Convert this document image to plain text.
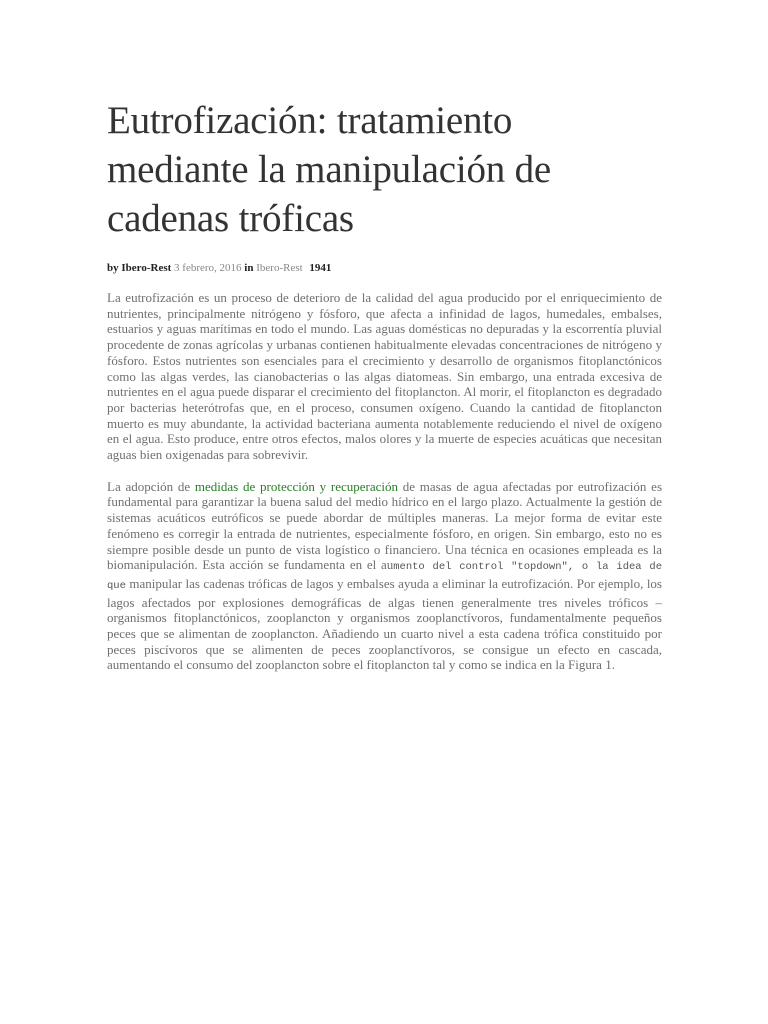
Eutrofización: tratamiento mediante la manipulación de cadenas tróficas
by Ibero-Rest 3 febrero, 2016 in Ibero-Rest 1941

La eutrofización es un proceso de deterioro de la calidad del agua producido por el enriquecimiento de nutrientes, principalmente nitrógeno y fósforo, que afecta a infinidad de lagos, humedales, embalses, estuarios y aguas marítimas en todo el mundo. Las aguas domésticas no depuradas y la escorrentía pluvial procedente de zonas agrícolas y urbanas contienen habitualmente elevadas concentraciones de nitrógeno y fósforo. Estos nutrientes son esenciales para el crecimiento y desarrollo de organismos fitoplanctónicos como las algas verdes, las cianobacterias o las algas diatomeas. Sin embargo, una entrada excesiva de nutrientes en el agua puede disparar el crecimiento del fitoplancton. Al morir, el fitoplancton es degradado por bacterias heterótrofas que, en el proceso, consumen oxígeno. Cuando la cantidad de fitoplancton muerto es muy abundante, la actividad bacteriana aumenta notablemente reduciendo el nivel de oxígeno en el agua. Esto produce, entre otros efectos, malos olores y la muerte de especies acuáticas que necesitan aguas bien oxigenadas para sobrevivir.

La adopción de medidas de protección y recuperación de masas de agua afectadas por eutrofización es fundamental para garantizar la buena salud del medio hídrico en el largo plazo. Actualmente la gestión de sistemas acuáticos eutróficos se puede abordar de múltiples maneras. La mejor forma de evitar este fenómeno es corregir la entrada de nutrientes, especialmente fósforo, en origen. Sin embargo, esto no es siempre posible desde un punto de vista logístico o financiero. Una técnica en ocasiones empleada es la biomanipulación. Esta acción se fundamenta en el aumento del control "topdown", o la idea de que manipular las cadenas tróficas de lagos y embalses ayuda a eliminar la eutrofización. Por ejemplo, los lagos afectados por explosiones demográficas de algas tienen generalmente tres niveles tróficos – organismos fitoplanctónicos, zooplancton y organismos zooplanctívoros, fundamentalmente pequeños peces que se alimentan de zooplancton. Añadiendo un cuarto nivel a esta cadena trófica constituido por peces piscívoros que se alimenten de peces zooplanctívoros, se consigue un efecto en cascada, aumentando el consumo del zooplancton sobre el fitoplancton tal y como se indica en la Figura 1.
